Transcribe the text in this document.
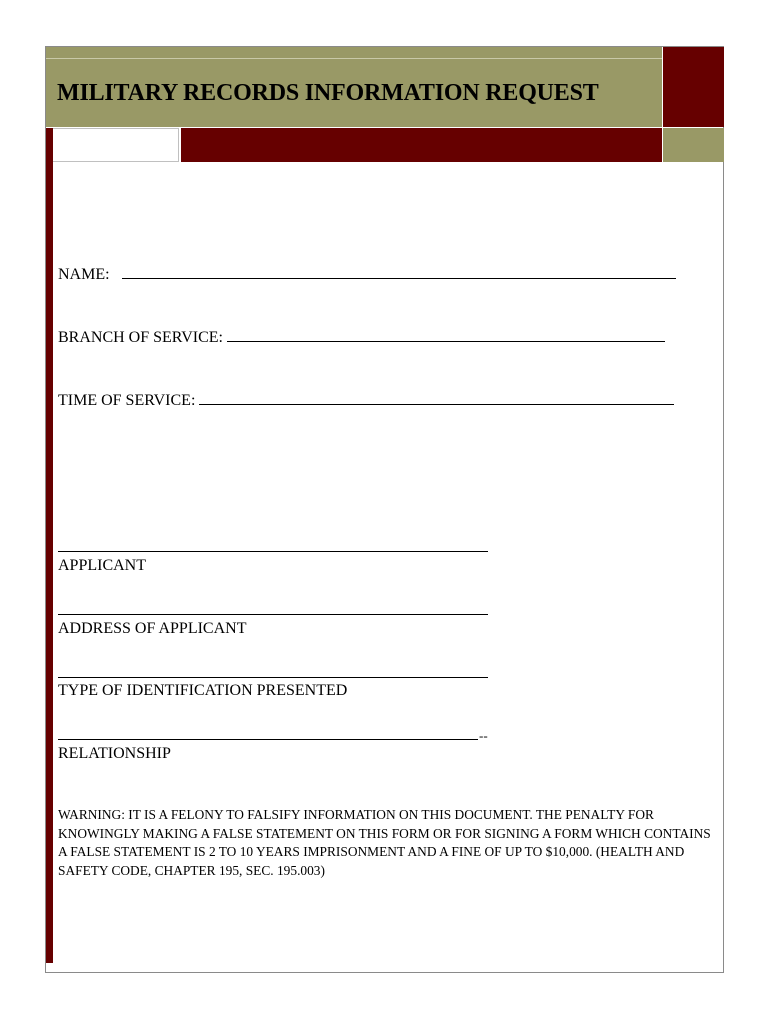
MILITARY RECORDS INFORMATION REQUEST
NAME:
BRANCH OF SERVICE:
TIME OF SERVICE:
APPLICANT
ADDRESS OF APPLICANT
TYPE OF IDENTIFICATION PRESENTED
--
RELATIONSHIP

WARNING: IT IS A FELONY TO FALSIFY INFORMATION ON THIS DOCUMENT. THE PENALTY FOR KNOWINGLY MAKING A FALSE STATEMENT ON THIS FORM OR FOR SIGNING A FORM WHICH CONTAINS A FALSE STATEMENT IS 2 TO 10 YEARS IMPRISONMENT AND A FINE OF UP TO $10,000. (HEALTH AND SAFETY CODE, CHAPTER 195, SEC. 195.003)
